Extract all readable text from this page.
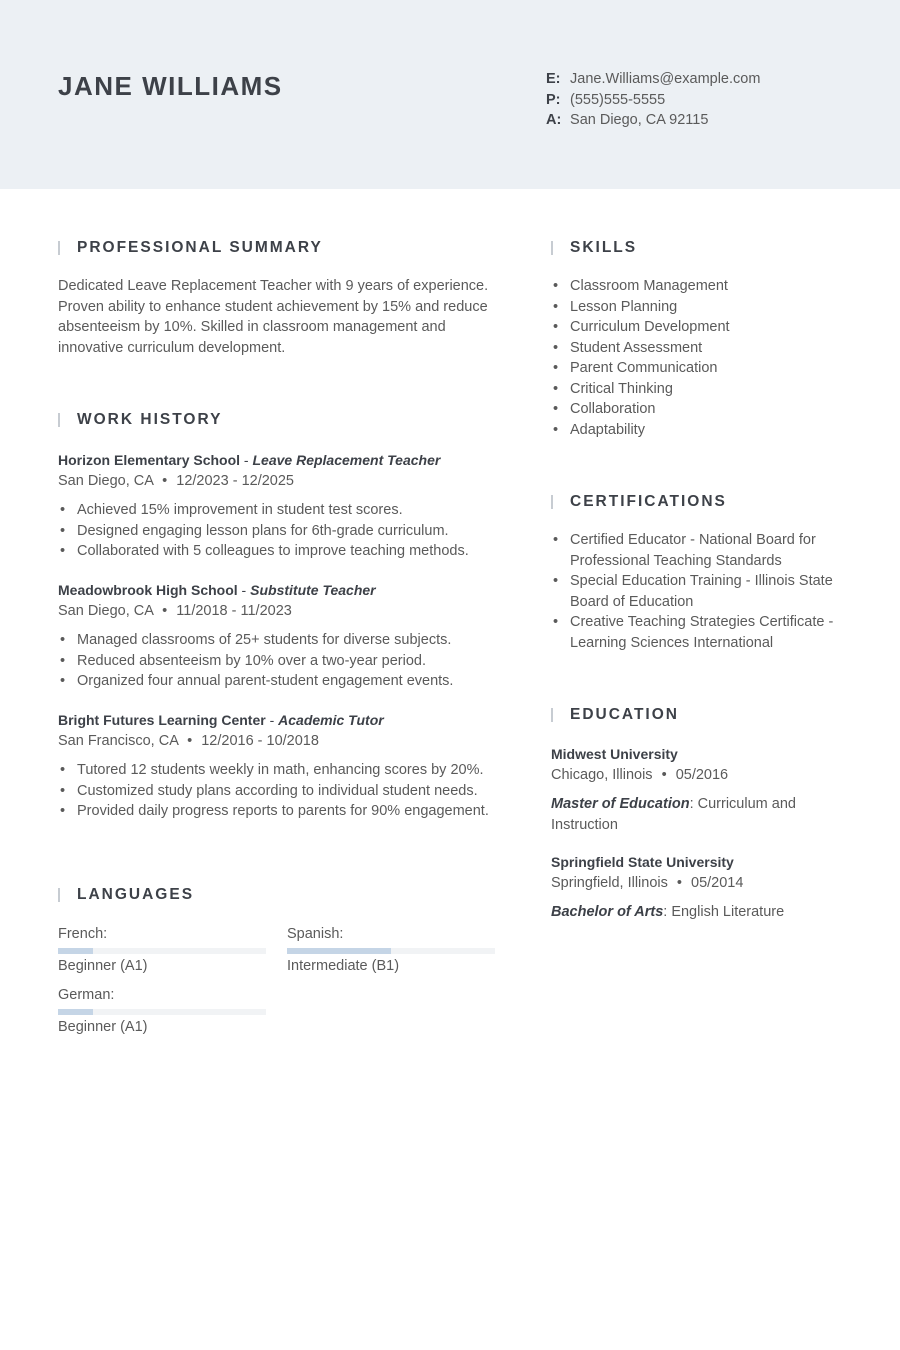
JANE WILLIAMS	E: Jane.Williams@example.com
P: (555)555-5555
A: San Diego, CA 92115
PROFESSIONAL SUMMARY

Dedicated Leave Replacement Teacher with 9 years of experience. Proven ability to enhance student achievement by 15% and reduce absenteeism by 10%. Skilled in classroom management and innovative curriculum development.

WORK HISTORY
Horizon Elementary School - Leave Replacement Teacher
San Diego, CA • 12/2023 - 12/2025
• Achieved 15% improvement in student test scores.
• Designed engaging lesson plans for 6th-grade curriculum.
• Collaborated with 5 colleagues to improve teaching methods.
Meadowbrook High School - Substitute Teacher
San Diego, CA • 11/2018 - 11/2023
• Managed classrooms of 25+ students for diverse subjects.
• Reduced absenteeism by 10% over a two-year period.
• Organized four annual parent-student engagement events.
Bright Futures Learning Center - Academic Tutor
San Francisco, CA • 12/2016 - 10/2018
• Tutored 12 students weekly in math, enhancing scores by 20%.
• Customized study plans according to individual student needs.
• Provided daily progress reports to parents for 90% engagement.
LANGUAGES
French:
Beginner (A1)
Spanish:
Intermediate (B1)
German:
Beginner (A1)
SKILLS
• Classroom Management
• Lesson Planning
• Curriculum Development
• Student Assessment
• Parent Communication
• Critical Thinking
• Collaboration
• Adaptability
CERTIFICATIONS
• Certified Educator - National Board for Professional Teaching Standards
• Special Education Training - Illinois State Board of Education
• Creative Teaching Strategies Certificate - Learning Sciences International
EDUCATION
Midwest University
Chicago, Illinois • 05/2016
Master of Education: Curriculum and Instruction
Springfield State University
Springfield, Illinois • 05/2014
Bachelor of Arts: English Literature
